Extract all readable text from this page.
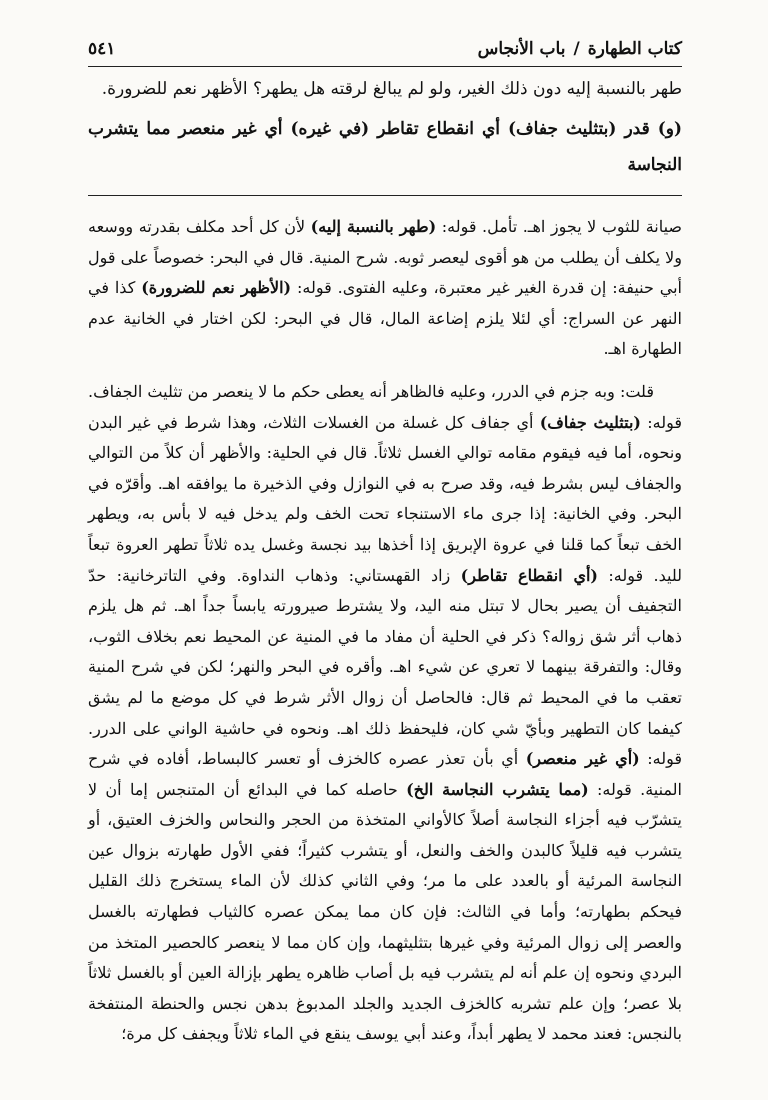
كتاب الطهارة
/
باب الأنجاس
٥٤١

طهر بالنسبة إليه دون ذلك الغير، ولو لم يبالغ لرقته هل يطهر؟ الأظهر نعم للضرورة.

(و) قدر (بتثليث جفاف) أي انقطاع تقاطر (في غيره) أي غير منعصر مما يتشرب النجاسة

صيانة للثوب لا يجوز اهـ. تأمل. قوله: (طهر بالنسبة إليه) لأن كل أحد مكلف بقدرته ووسعه ولا يكلف أن يطلب من هو أقوى ليعصر ثوبه. شرح المنية. قال في البحر: خصوصاً على قول أبي حنيفة: إن قدرة الغير غير معتبرة، وعليه الفتوى. قوله: (الأظهر نعم للضرورة) كذا في النهر عن السراج: أي لئلا يلزم إضاعة المال، قال في البحر: لكن اختار في الخانية عدم الطهارة اهـ.

قلت: وبه جزم في الدرر، وعليه فالظاهر أنه يعطى حكم ما لا ينعصر من تثليث الجفاف. قوله: (بتثليث جفاف) أي جفاف كل غسلة من الغسلات الثلاث، وهذا شرط في غير البدن ونحوه، أما فيه فيقوم مقامه توالي الغسل ثلاثاً. قال في الحلية: والأظهر أن كلاً من التوالي والجفاف ليس بشرط فيه، وقد صرح به في النوازل وفي الذخيرة ما يوافقه اهـ. وأقرّه في البحر. وفي الخانية: إذا جرى ماء الاستنجاء تحت الخف ولم يدخل فيه لا بأس به، ويطهر الخف تبعاً كما قلنا في عروة الإبريق إذا أخذها بيد نجسة وغسل يده ثلاثاً تطهر العروة تبعاً لليد. قوله: (أي انقطاع تقاطر) زاد القهستاني: وذهاب النداوة. وفي التاترخانية: حدّ التجفيف أن يصير بحال لا تبتل منه اليد، ولا يشترط صيرورته يابساً جداً اهـ. ثم هل يلزم ذهاب أثر شق زواله؟ ذكر في الحلية أن مفاد ما في المنية عن المحيط نعم بخلاف الثوب، وقال: والتفرقة بينهما لا تعري عن شيء اهـ. وأقره في البحر والنهر؛ لكن في شرح المنية تعقب ما في المحيط ثم قال: فالحاصل أن زوال الأثر شرط في كل موضع ما لم يشق كيفما كان التطهير وبأيّ شي كان، فليحفظ ذلك اهـ. ونحوه في حاشية الواني على الدرر. قوله: (أي غير منعصر) أي بأن تعذر عصره كالخزف أو تعسر كالبساط، أفاده في شرح المنية. قوله: (مما يتشرب النجاسة الخ) حاصله كما في البدائع أن المتنجس إما أن لا يتشرّب فيه أجزاء النجاسة أصلاً كالأواني المتخذة من الحجر والنحاس والخزف العتيق، أو يتشرب فيه قليلاً كالبدن والخف والنعل، أو يتشرب كثيراً؛ ففي الأول طهارته بزوال عين النجاسة المرئية أو بالعدد على ما مر؛ وفي الثاني كذلك لأن الماء يستخرج ذلك القليل فيحكم بطهارته؛ وأما في الثالث: فإن كان مما يمكن عصره كالثياب فطهارته بالغسل والعصر إلى زوال المرئية وفي غيرها بتثليثهما، وإن كان مما لا ينعصر كالحصير المتخذ من البردي ونحوه إن علم أنه لم يتشرب فيه بل أصاب ظاهره يطهر بإزالة العين أو بالغسل ثلاثاً بلا عصر؛ وإن علم تشربه كالخزف الجديد والجلد المدبوغ بدهن نجس والحنطة المنتفخة بالنجس: فعند محمد لا يطهر أبداً، وعند أبي يوسف ينقع في الماء ثلاثاً ويجفف كل مرة؛
